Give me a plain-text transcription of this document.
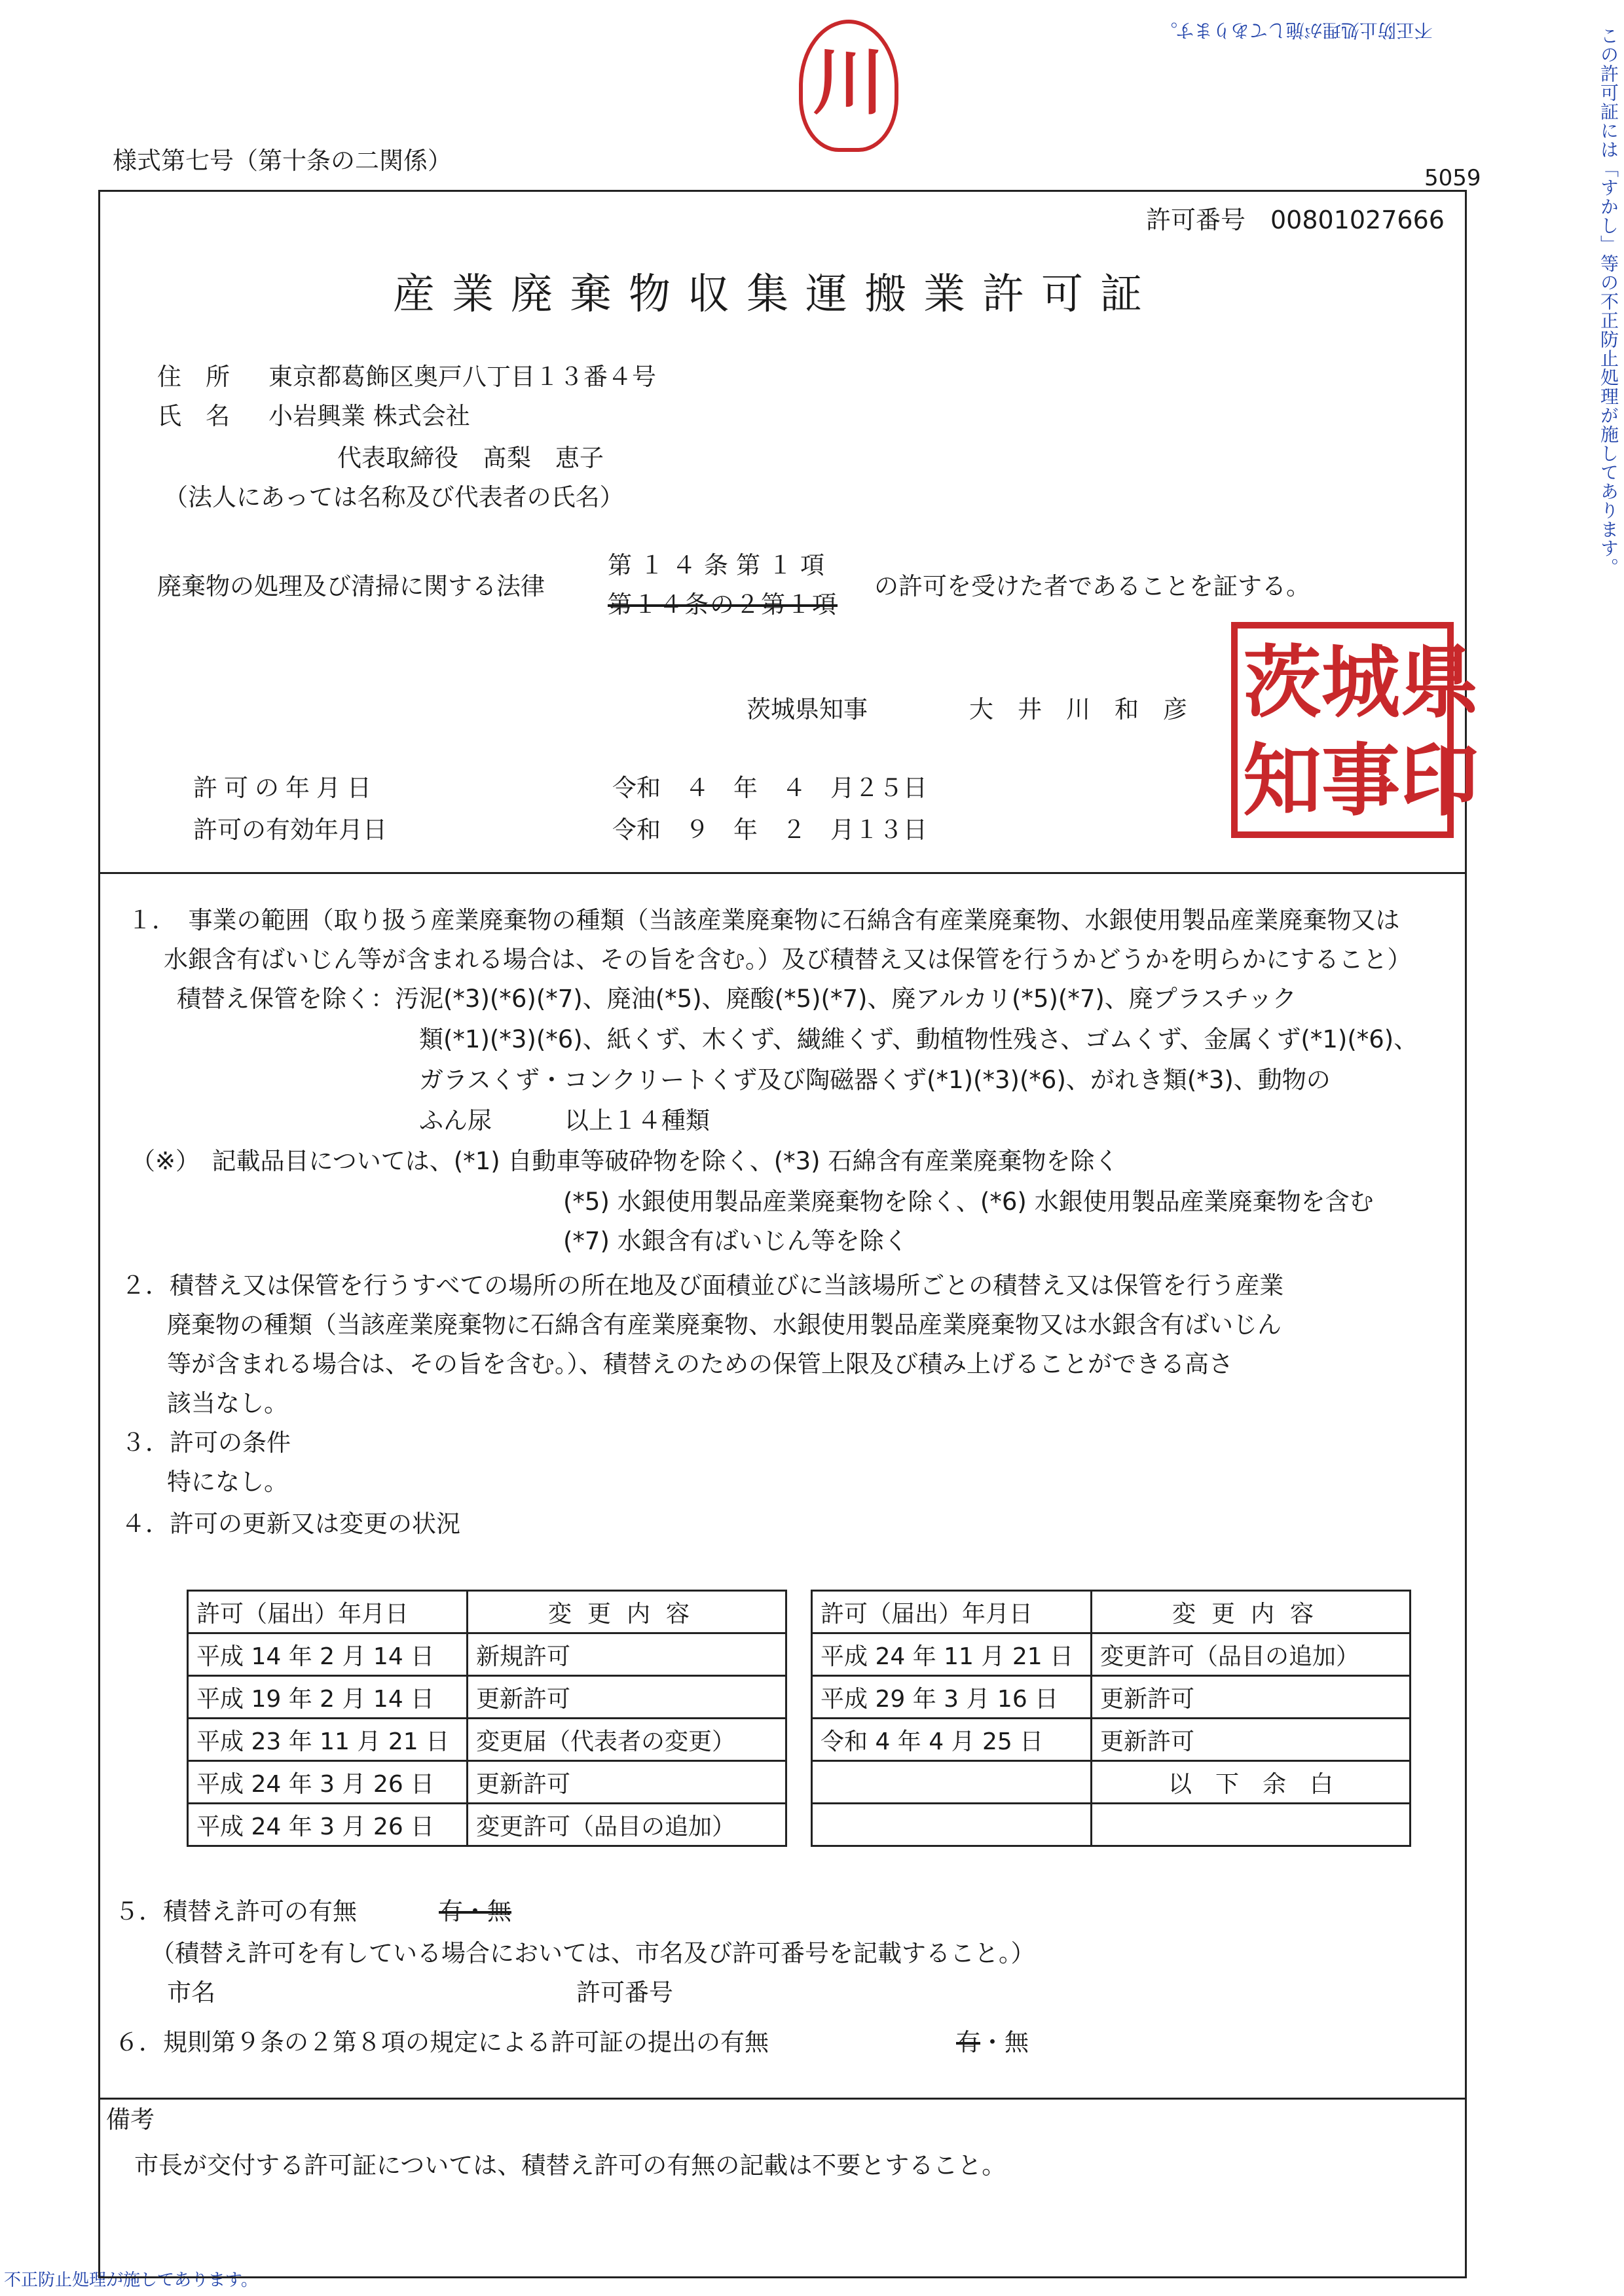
この許可証には「すかし」等の不正防止処理が施してあります。
不正防止処理が施してあります。
不正防止処理が施してあります。
川
様式第七号（第十条の二関係）
5059
許可番号　00801027666
産業廃棄物収集運搬業許可証
住　所 東京都葛飾区奥戸八丁目１３番４号
氏　名 小岩興業 株式会社
代表取締役　髙梨　恵子
（法人にあっては名称及び代表者の氏名）
廃棄物の処理及び清掃に関する法律
第１４条第１項
第１４条の２第１項
の許可を受けた者であることを証する。
茨城県知事	大　井　川　和　彦 茨 城 県
知 事 印
許可の年月日	令和　４　年　４　月２５日
許可の有効年月日	令和　９　年　２　月１３日
１．　事業の範囲（取り扱う産業廃棄物の種類（当該産業廃棄物に石綿含有産業廃棄物、水銀使用製品産業廃棄物又は
水銀含有ばいじん等が含まれる場合は、その旨を含む。）及び積替え又は保管を行うかどうかを明らかにすること）
積替え保管を除く：汚泥(*3)(*6)(*7)、廃油(*5)、廃酸(*5)(*7)、廃アルカリ(*5)(*7)、廃プラスチック
類(*1)(*3)(*6)、紙くず、木くず、繊維くず、動植物性残さ、ゴムくず、金属くず(*1)(*6)、
ガラスくず・コンクリートくず及び陶磁器くず(*1)(*3)(*6)、がれき類(*3)、動物の
ふん尿　　　以上１４種類
（※）　記載品目については、(*1) 自動車等破砕物を除く、(*3) 石綿含有産業廃棄物を除く
(*5) 水銀使用製品産業廃棄物を除く、(*6) 水銀使用製品産業廃棄物を含む
(*7) 水銀含有ばいじん等を除く
２．積替え又は保管を行うすべての場所の所在地及び面積並びに当該場所ごとの積替え又は保管を行う産業
廃棄物の種類（当該産業廃棄物に石綿含有産業廃棄物、水銀使用製品産業廃棄物又は水銀含有ばいじん
等が含まれる場合は、その旨を含む。）、積替えのための保管上限及び積み上げることができる高さ
該当なし。
３．許可の条件
特になし。
４．許可の更新又は変更の状況
許可（届出）年月日	変更内容
平成 14 年 2 月 14 日	新規許可
平成 19 年 2 月 14 日	更新許可
平成 23 年 11 月 21 日	変更届（代表者の変更）
平成 24 年 3 月 26 日	更新許可
平成 24 年 3 月 26 日	変更許可（品目の追加）
許可（届出）年月日	変更内容
平成 24 年 11 月 21 日	変更許可（品目の追加）
平成 29 年 3 月 16 日	更新許可
令和 4 年 4 月 25 日	更新許可
	以　下　余　白

５．積替え許可の有無	有・無
（積替え許可を有している場合においては、市名及び許可番号を記載すること。）
市名	許可番号
６．規則第９条の２第８項の規定による許可証の提出の有無	有・無
備考
市長が交付する許可証については、積替え許可の有無の記載は不要とすること。
